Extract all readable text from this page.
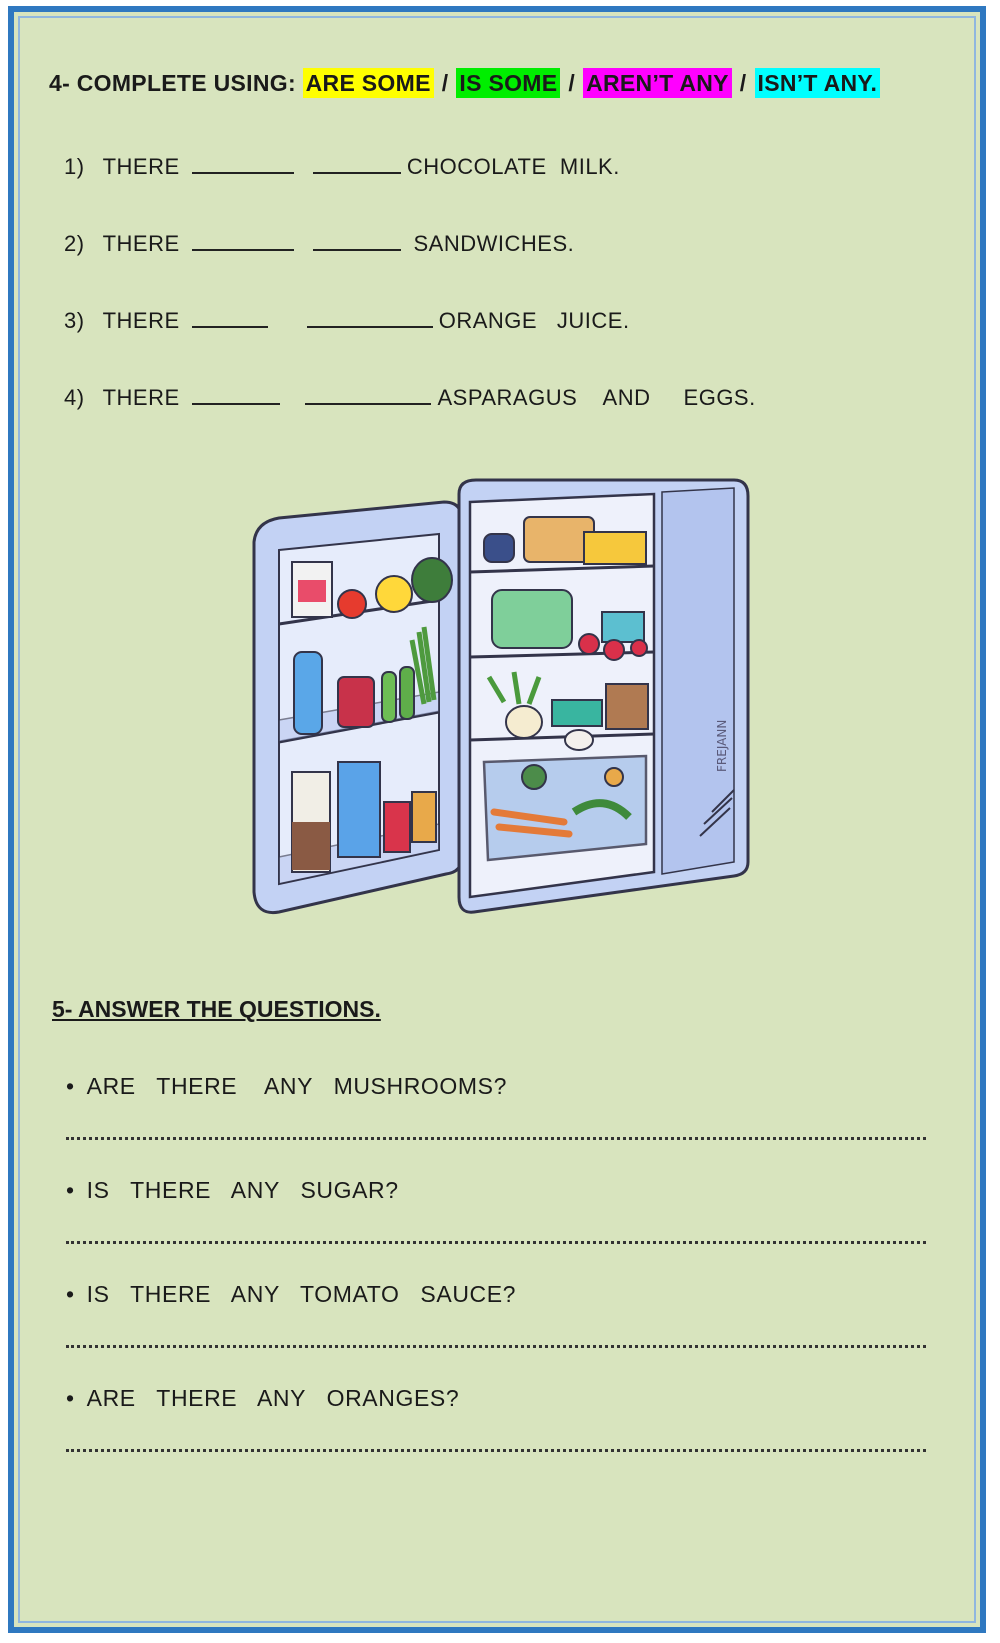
4- COMPLETE USING: ARE SOME / IS SOME / AREN’T ANY / ISN’T ANY.
1) THERE	CHOCOLATE  MILK.
2) THERE	SANDWICHES.
3) THERE	ORANGE   JUICE.
4) THERE	ASPARAGUS    AND     EGGS.
FREJANN
5- ANSWER THE QUESTIONS.
• ARE   THERE    ANY   MUSHROOMS?
• IS   THERE   ANY   SUGAR?
• IS   THERE   ANY   TOMATO   SAUCE?
• ARE   THERE   ANY   ORANGES?
